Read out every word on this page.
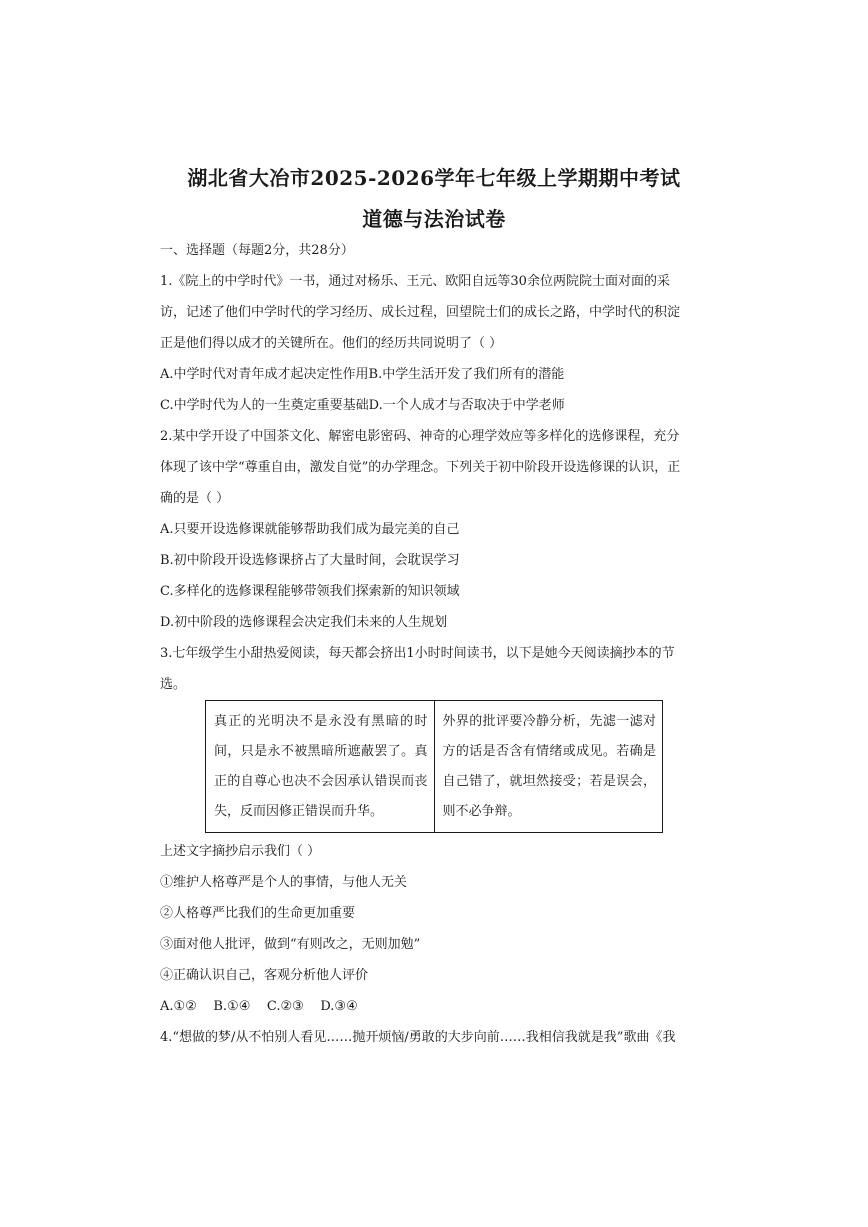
湖北省大冶市2025-2026学年七年级上学期期中考试
道德与法治试卷
一、选择题（每题2分，共28分）
1.《院上的中学时代》一书，通过对杨乐、王元、欧阳自远等30余位两院院士面对面的采
访，记述了他们中学时代的学习经历、成长过程，回望院士们的成长之路，中学时代的积淀
正是他们得以成才的关键所在。他们的经历共同说明了（ ）
A.中学时代对青年成才起决定性作用B.中学生活开发了我们所有的潜能
C.中学时代为人的一生奠定重要基础D.一个人成才与否取决于中学老师
2.某中学开设了中国茶文化、解密电影密码、神奇的心理学效应等多样化的选修课程，充分
体现了该中学“尊重自由，激发自觉”的办学理念。下列关于初中阶段开设选修课的认识，正
确的是（ ）
A.只要开设选修课就能够帮助我们成为最完美的自己
B.初中阶段开设选修课挤占了大量时间，会耽误学习
C.多样化的选修课程能够带领我们探索新的知识领域
D.初中阶段的选修课程会决定我们未来的人生规划
3.七年级学生小甜热爱阅读，每天都会挤出1小时时间读书，以下是她今天阅读摘抄本的节
选。
真正的光明决不是永没有黑暗的时间，只是永不被黑暗所遮蔽罢了。真正的自尊心也决不会因承认错误而丧失，反而因修正错误而升华。	外界的批评要冷静分析，先滤一滤对方的话是否含有情绪或成见。若确是自己错了，就坦然接受；若是误会，则不必争辩。
上述文字摘抄启示我们（ ）
①维护人格尊严是个人的事情，与他人无关
②人格尊严比我们的生命更加重要
③面对他人批评，做到“有则改之，无则加勉”
④正确认识自己，客观分析他人评价
A.①②    B.①④    C.②③    D.③④
4.“想做的梦/从不怕别人看见……抛开烦恼/勇敢的大步向前……我相信我就是我”歌曲《我
